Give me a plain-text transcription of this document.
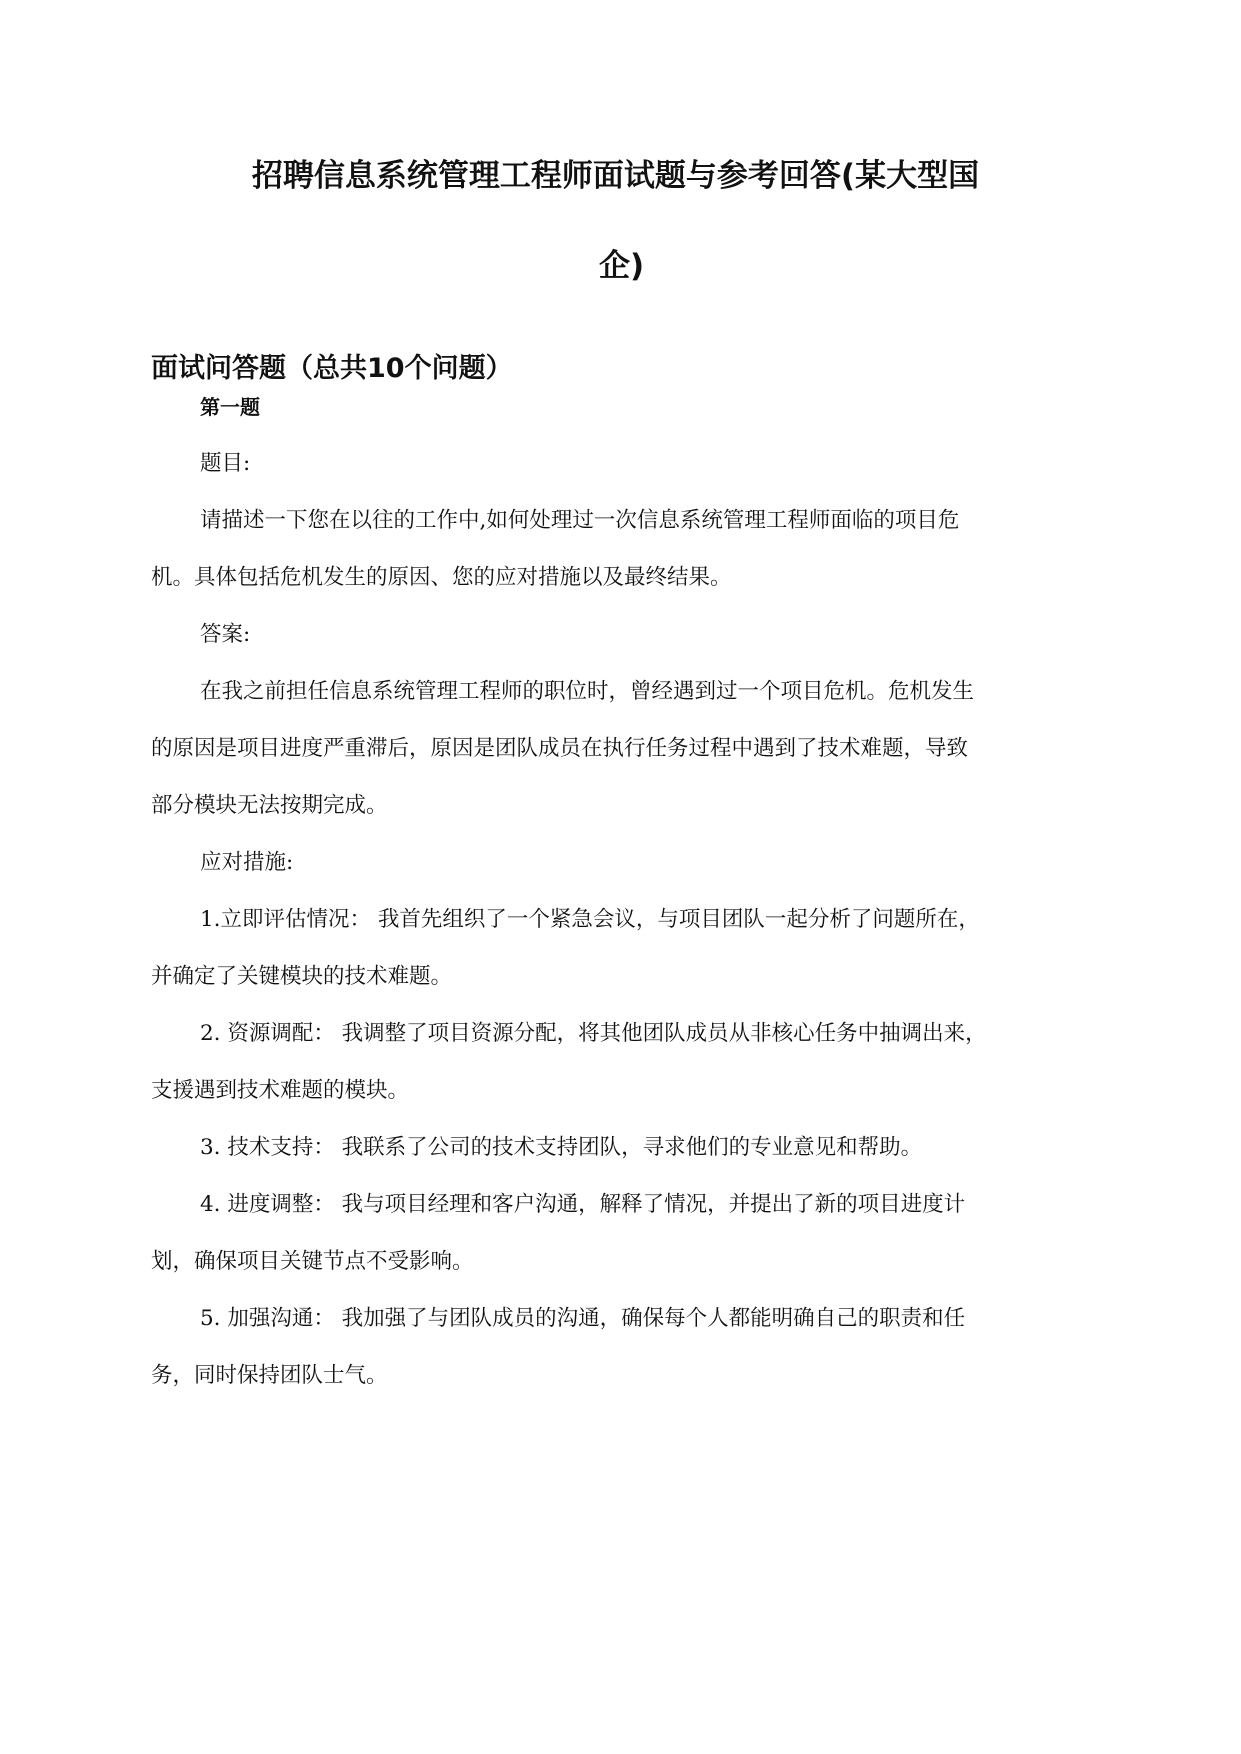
招聘信息系统管理工程师面试题与参考回答(某大型国
企)
面试问答题（总共10个问题）
第一题
题目:
请描述一下您在以往的工作中,如何处理过一次信息系统管理工程师面临的项目危
机。具体包括危机发生的原因、您的应对措施以及最终结果。
答案:
在我之前担任信息系统管理工程师的职位时，曾经遇到过一个项目危机。危机发生
的原因是项目进度严重滞后，原因是团队成员在执行任务过程中遇到了技术难题，导致
部分模块无法按期完成。
应对措施:
1.立即评估情况： 我首先组织了一个紧急会议，与项目团队一起分析了问题所在，
并确定了关键模块的技术难题。
2. 资源调配： 我调整了项目资源分配，将其他团队成员从非核心任务中抽调出来，
支援遇到技术难题的模块。
3. 技术支持： 我联系了公司的技术支持团队，寻求他们的专业意见和帮助。
4. 进度调整： 我与项目经理和客户沟通，解释了情况，并提出了新的项目进度计
划，确保项目关键节点不受影响。
5. 加强沟通： 我加强了与团队成员的沟通，确保每个人都能明确自己的职责和任
务，同时保持团队士气。
